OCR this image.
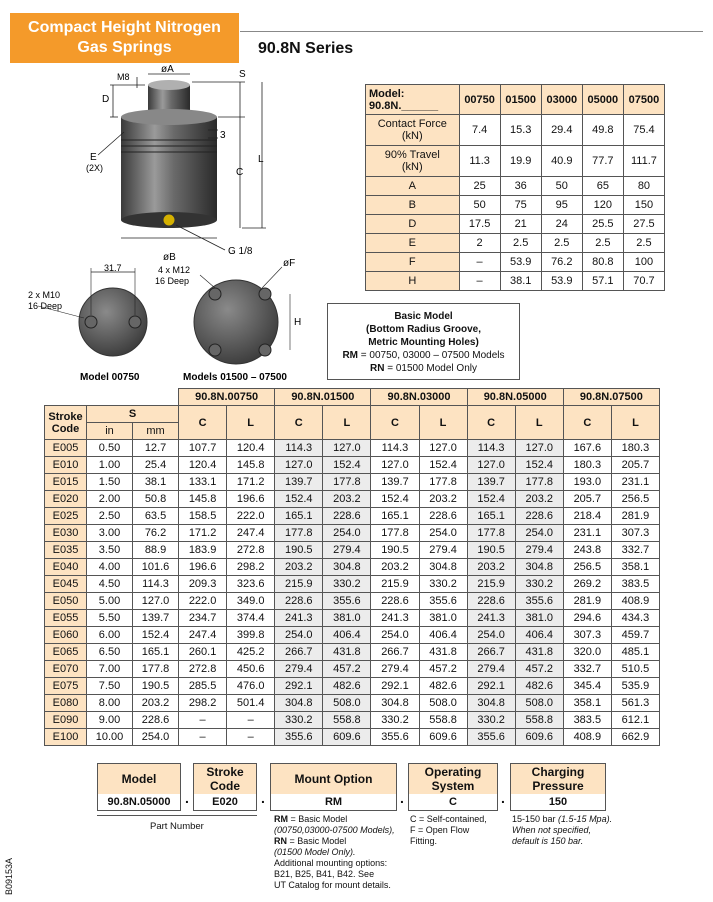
Compact Height Nitrogen
Gas Springs	90.8N Series
M8
øA	S
D
3
E
(2X)
L
C
øB
G 1/8
31.7
2 x M10
16 Deep
4 x M12
16 Deep
øF
H
Model 00750	Models 01500 – 07500
Model:
90.8N.______	00750	01500	03000	05000	07500

Contact Force
(kN)	7.4	15.3	29.4	49.8	75.4

90% Travel
(kN)	11.3	19.9	40.9	77.7	111.7

A	25	36	50	65	80

B	50	75	95	120	150

D	17.5	21	24	25.5	27.5

E	2	2.5	2.5	2.5	2.5

F	–	53.9	76.2	80.8	100

H	–	38.1	53.9	57.1	70.7
Basic Model
(Bottom Radius Groove,
Metric Mounting Holes)
RM = 00750, 03000 – 07500 Models
RN = 01500 Model Only
			90.8N.00750		90.8N.01500		90.8N.03000		90.8N.05000		90.8N.07500	

Stroke
Code	S		C	L	C	L	C	L	C	L	C	L
	in	mm										
E005	0.50	12.7	107.7	120.4	114.3	127.0	114.3	127.0	114.3	127.0	167.6	180.3
E010	1.00	25.4	120.4	145.8	127.0	152.4	127.0	152.4	127.0	152.4	180.3	205.7
E015	1.50	38.1	133.1	171.2	139.7	177.8	139.7	177.8	139.7	177.8	193.0	231.1
E020	2.00	50.8	145.8	196.6	152.4	203.2	152.4	203.2	152.4	203.2	205.7	256.5
E025	2.50	63.5	158.5	222.0	165.1	228.6	165.1	228.6	165.1	228.6	218.4	281.9
E030	3.00	76.2	171.2	247.4	177.8	254.0	177.8	254.0	177.8	254.0	231.1	307.3
E035	3.50	88.9	183.9	272.8	190.5	279.4	190.5	279.4	190.5	279.4	243.8	332.7
E040	4.00	101.6	196.6	298.2	203.2	304.8	203.2	304.8	203.2	304.8	256.5	358.1
E045	4.50	114.3	209.3	323.6	215.9	330.2	215.9	330.2	215.9	330.2	269.2	383.5
E050	5.00	127.0	222.0	349.0	228.6	355.6	228.6	355.6	228.6	355.6	281.9	408.9
E055	5.50	139.7	234.7	374.4	241.3	381.0	241.3	381.0	241.3	381.0	294.6	434.3
E060	6.00	152.4	247.4	399.8	254.0	406.4	254.0	406.4	254.0	406.4	307.3	459.7
E065	6.50	165.1	260.1	425.2	266.7	431.8	266.7	431.8	266.7	431.8	320.0	485.1
E070	7.00	177.8	272.8	450.6	279.4	457.2	279.4	457.2	279.4	457.2	332.7	510.5
E075	7.50	190.5	285.5	476.0	292.1	482.6	292.1	482.6	292.1	482.6	345.4	535.9
E080	8.00	203.2	298.2	501.4	304.8	508.0	304.8	508.0	304.8	508.0	358.1	561.3
E090	9.00	228.6	–	–	330.2	558.8	330.2	558.8	330.2	558.8	383.5	612.1
E100	10.00	254.0	–	–	355.6	609.6	355.6	609.6	355.6	609.6	408.9	662.9
Model
90.8N.05000	.
Stroke
Code
E020	.
Mount Option
RM	.
Operating
System
C	.
Charging
Pressure
150
Part Number
RM = Basic Model
(00750,03000-07500 Models),
RN = Basic Model
(01500 Model Only).
Additional mounting options:
B21, B25, B41, B42. See
UT Catalog for mount details.
C = Self-contained,
F = Open Flow
Fitting.
15-150 bar (1.5-15 Mpa).
When not specified,
default is 150 bar.
B09153A
